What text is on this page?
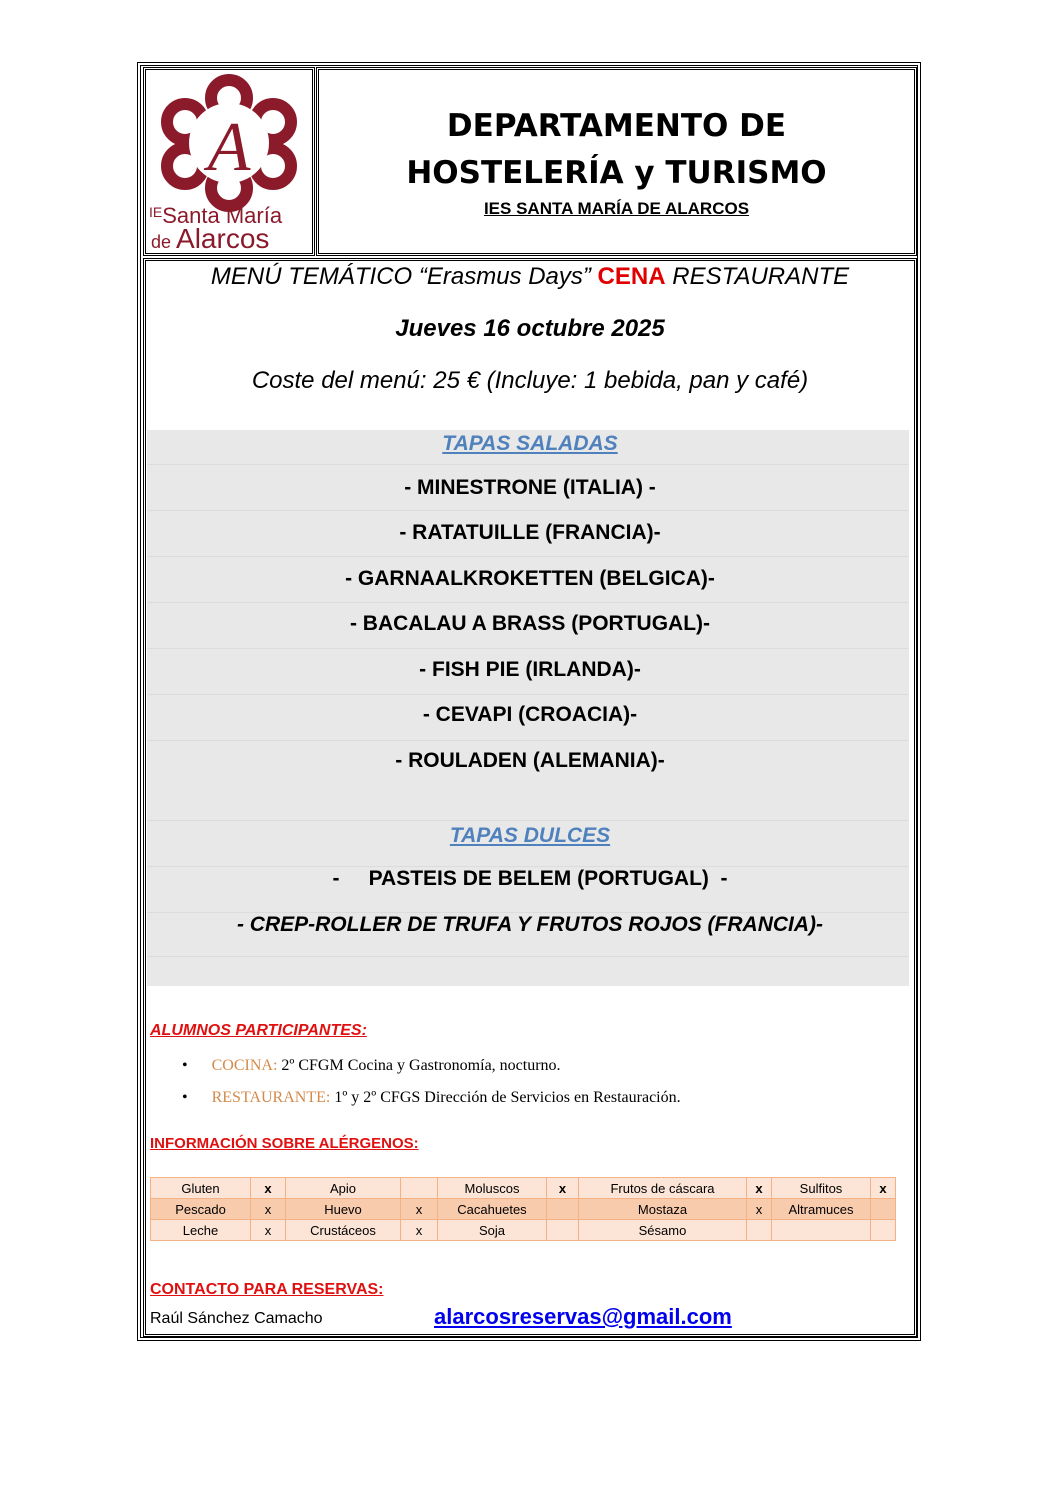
A
$^{IE}$Santa María
de Alarcos
DEPARTAMENTO DE
HOSTELERÍA y TURISMO
IES SANTA MARÍA DE ALARCOS
MENÚ TEMÁTICO “Erasmus Days” CENA RESTAURANTE
Jueves 16 octubre 2025
Coste del menú: 25 € (Incluye: 1 bebida, pan y café)
TAPAS SALADAS
- MINESTRONE (ITALIA) -
- RATATUILLE (FRANCIA)-
- GARNAALKROKETTEN (BELGICA)-
- BACALAU A BRASS (PORTUGAL)-
- FISH PIE (IRLANDA)-
- CEVAPI (CROACIA)-
- ROULADEN (ALEMANIA)-
TAPAS DULCES
-     PASTEIS DE BELEM (PORTUGAL)  -
- CREP-ROLLER DE TRUFA Y FRUTOS ROJOS (FRANCIA)-
ALUMNOS PARTICIPANTES:
•      COCINA: 2º CFGM Cocina y Gastronomía, nocturno.
•      RESTAURANTE: 1º y 2º CFGS Dirección de Servicios en Restauración.
INFORMACIÓN SOBRE ALÉRGENOS:
Gluten	x	Apio		Moluscos	x	Frutos de cáscara	x	Sulfitos	x
Pescado	x	Huevo	x	Cacahuetes		Mostaza	x	Altramuces	
Leche	x	Crustáceos	x	Soja		Sésamo			
CONTACTO PARA RESERVAS:
Raúl Sánchez Camacho	alarcosreservas@gmail.com
